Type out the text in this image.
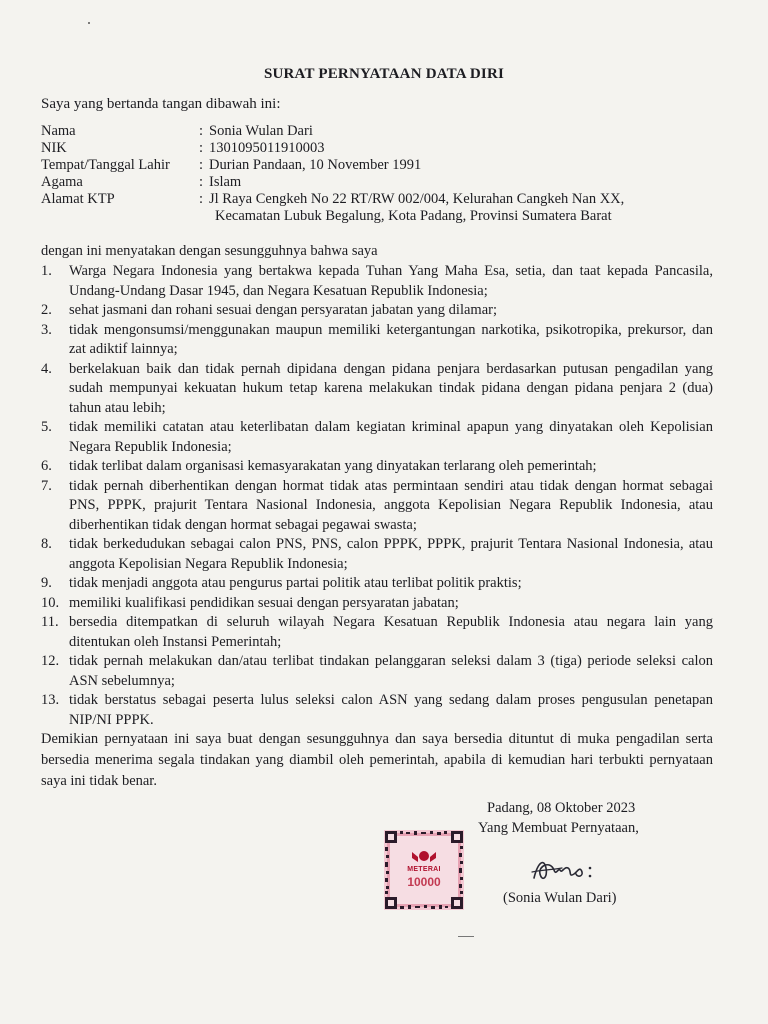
SURAT PERNYATAAN DATA DIRI
Saya yang bertanda tangan dibawah ini:
Nama	: Sonia Wulan Dari
NIK	: 1301095011910003
Tempat/Tanggal Lahir	: Durian Pandaan, 10 November 1991
Agama	: Islam
Alamat KTP	: Jl Raya Cengkeh No 22 RT/RW 002/004, Kelurahan Cangkeh Nan XX,
Kecamatan Lubuk Begalung, Kota Padang, Provinsi Sumatera Barat
dengan ini menyatakan dengan sesungguhnya bahwa saya
1.	Warga Negara Indonesia yang bertakwa kepada Tuhan Yang Maha Esa, setia, dan taat kepada Pancasila, Undang-Undang Dasar 1945, dan Negara Kesatuan Republik Indonesia;
2.	sehat jasmani dan rohani sesuai dengan persyaratan jabatan yang dilamar;
3.	tidak mengonsumsi/menggunakan maupun memiliki ketergantungan narkotika, psikotropika, prekursor, dan zat adiktif lainnya;
4.	berkelakuan baik dan tidak pernah dipidana dengan pidana penjara berdasarkan putusan pengadilan yang sudah mempunyai kekuatan hukum tetap karena melakukan tindak pidana dengan pidana penjara 2 (dua) tahun atau lebih;
5.	tidak memiliki catatan atau keterlibatan dalam kegiatan kriminal apapun yang dinyatakan oleh Kepolisian Negara Republik Indonesia;
6.	tidak terlibat dalam organisasi kemasyarakatan yang dinyatakan terlarang oleh pemerintah;
7.	tidak pernah diberhentikan dengan hormat tidak atas permintaan sendiri atau tidak dengan hormat sebagai PNS, PPPK, prajurit Tentara Nasional Indonesia, anggota Kepolisian Negara Republik Indonesia, atau diberhentikan tidak dengan hormat sebagai pegawai swasta;
8.	tidak berkedudukan sebagai calon PNS, PNS, calon PPPK, PPPK, prajurit Tentara Nasional Indonesia, atau anggota Kepolisian Negara Republik Indonesia;
9.	tidak menjadi anggota atau pengurus partai politik atau terlibat politik praktis;
10. memiliki kualifikasi pendidikan sesuai dengan persyaratan jabatan;
11. bersedia ditempatkan di seluruh wilayah Negara Kesatuan Republik Indonesia atau negara lain yang ditentukan oleh Instansi Pemerintah;
12. tidak pernah melakukan dan/atau terlibat tindakan pelanggaran seleksi dalam 3 (tiga) periode seleksi calon ASN sebelumnya;
13. tidak berstatus sebagai peserta lulus seleksi calon ASN yang sedang dalam proses pengusulan penetapan NIP/NI PPPK.
Demikian pernyataan ini saya buat dengan sesungguhnya dan saya bersedia dituntut di muka pengadilan serta bersedia menerima segala tindakan yang diambil oleh pemerintah, apabila di kemudian hari terbukti pernyataan saya ini tidak benar.
Padang, 08 Oktober 2023
Yang Membuat Pernyataan,
METERAI
10000
(Sonia Wulan Dari)
